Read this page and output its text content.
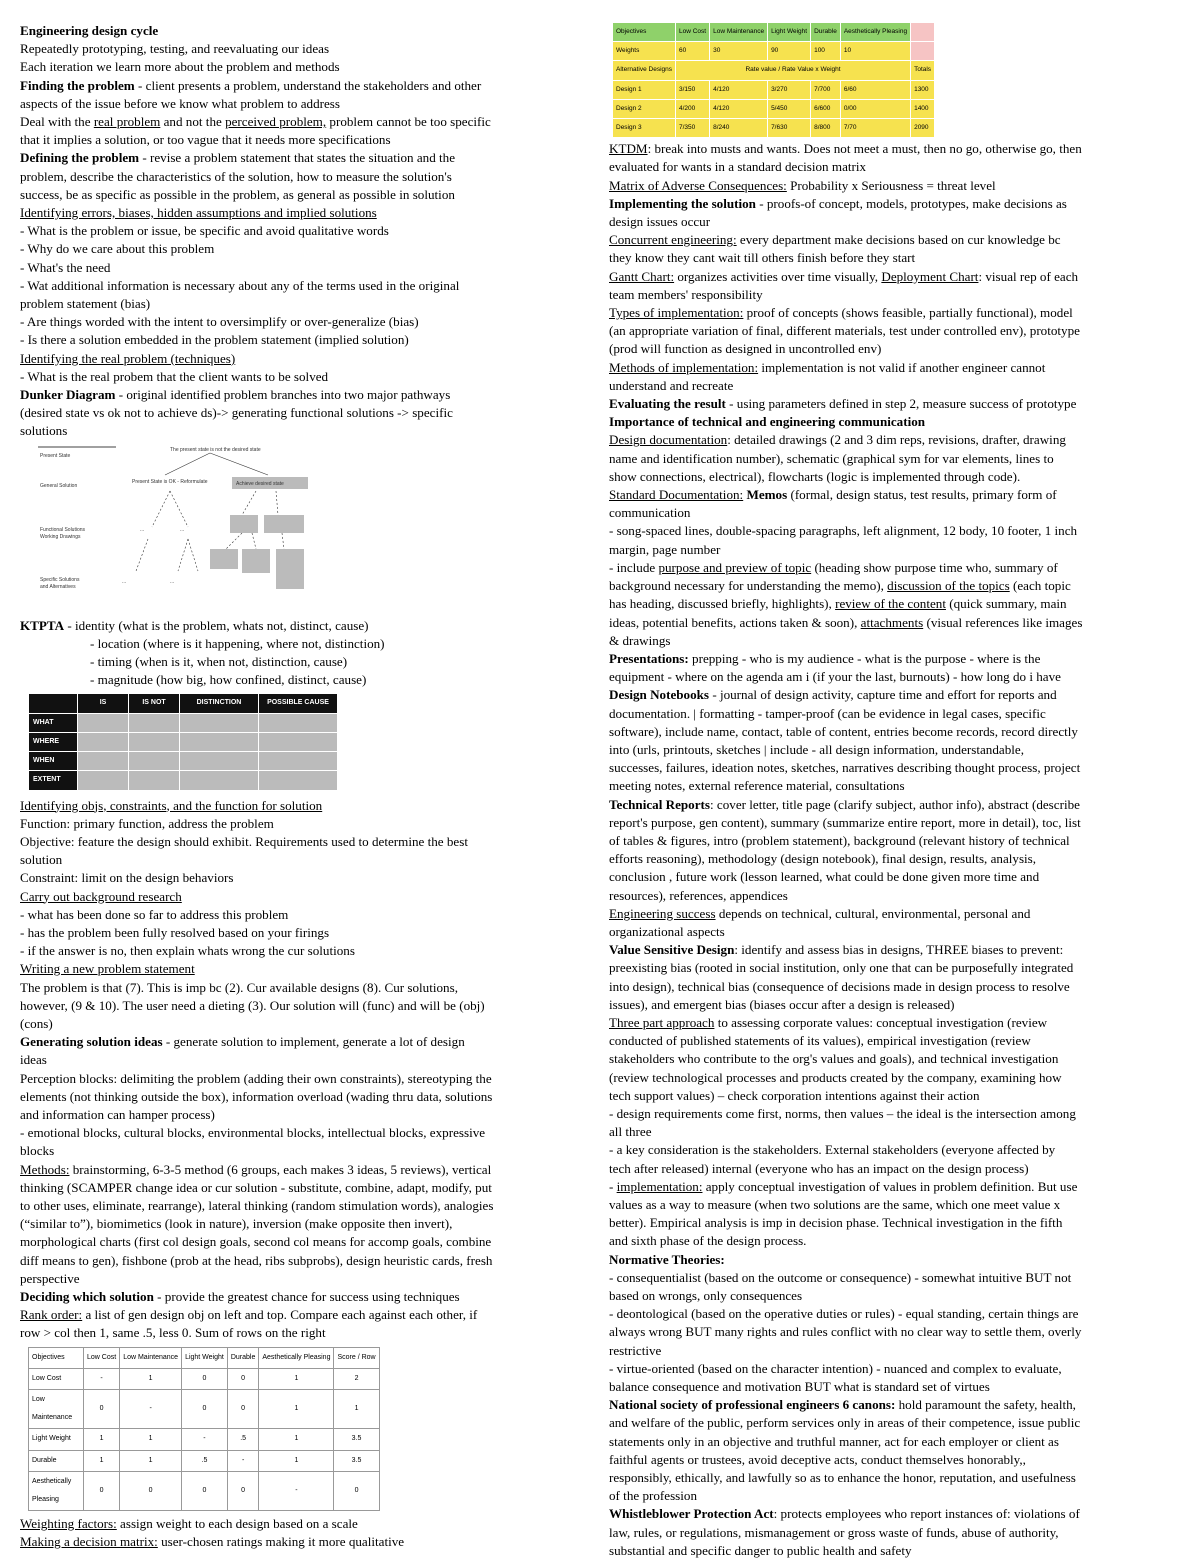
Engineering design cycle
Repeatedly prototyping, testing, and reevaluating our ideas
Each iteration we learn more about the problem and methods
Finding the problem - client presents a problem, understand the stakeholders and other
aspects of the issue before we know what problem to address
Deal with the real problem and not the perceived problem, problem cannot be too specific
that it implies a solution, or too vague that it needs more specifications
Defining the problem - revise a problem statement that states the situation and the
problem, describe the characteristics of the solution, how to measure the solution's
success, be as specific as possible in the problem, as general as possible in solution
Identifying errors, biases, hidden assumptions and implied solutions
- What is the problem or issue, be specific and avoid qualitative words
- Why do we care about this problem
- What's the need
- Wat additional information is necessary about any of the terms used in the original
problem statement (bias)
- Are things worded with the intent to oversimplify or over-generalize (bias)
- Is there a solution embedded in the problem statement (implied solution)
Identifying the real problem (techniques)
- What is the real probem that the client wants to be solved
Dunker Diagram - original identified problem branches into two major pathways
(desired state vs ok not to achieve ds)-> generating functional solutions -> specific
solutions
Present State
General Solution
Functional Solutions
Working Drawings
Specific Solutions
and Alternatives
The present state is not the desired state
Present State is OK - Reformulate	Achieve desired state
...	...
...	...
KTPTA - identity (what is the problem, whats not, distinct, cause)
- location (where is it happening, where not, distinction)
- timing (when is it, when not, distinction, cause)
- magnitude (how big, how confined, distinct, cause)
	IS	IS NOT	DISTINCTION	POSSIBLE CAUSE
WHAT				
WHERE				
WHEN				
EXTENT				
Identifying objs, constraints, and the function for solution
Function: primary function, address the problem
Objective: feature the design should exhibit. Requirements used to determine the best
solution
Constraint: limit on the design behaviors
Carry out background research
- what has been done so far to address this problem
- has the problem been fully resolved based on your firings
- if the answer is no, then explain whats wrong the cur solutions
Writing a new problem statement
The problem is that (7). This is imp bc (2). Cur available designs (8). Cur solutions,
however, (9 & 10). The user need a dieting (3). Our solution will (func) and will be (obj)
(cons)
Generating solution ideas - generate solution to implement, generate a lot of design
ideas
Perception blocks: delimiting the problem (adding their own constraints), stereotyping the
elements (not thinking outside the box), information overload (wading thru data, solutions
and information can hamper process)
- emotional blocks, cultural blocks, environmental blocks, intellectual blocks, expressive
blocks
Methods: brainstorming, 6-3-5 method (6 groups, each makes 3 ideas, 5 reviews), vertical
thinking (SCAMPER change idea or cur solution - substitute, combine, adapt, modify, put
to other uses, eliminate, rearrange), lateral thinking (random stimulation words), analogies
(“similar to”), biomimetics (look in nature), inversion (make opposite then invert),
morphological charts (first col design goals, second col means for accomp goals, combine
diff means to gen), fishbone (prob at the head, ribs subprobs), design heuristic cards, fresh
perspective
Deciding which solution - provide the greatest chance for success using techniques
Rank order: a list of gen design obj on left and top. Compare each against each other, if
row > col then 1, same .5, less 0. Sum of rows on the right
Objectives	Low Cost	Low Maintenance	Light Weight	Durable	Aesthetically Pleasing	Score / Row
Low Cost	-	1	0	0	1	2
Low Maintenance	0	-	0	0	1	1
Light Weight	1	1	-	.5	1	3.5
Durable	1	1	.5	-	1	3.5
Aesthetically Pleasing	0	0	0	0	-	0
Weighting factors: assign weight to each design based on a scale
Making a decision matrix: user-chosen ratings making it more qualitative
Objectives	Low Cost	Low Maintenance	Light Weight	Durable	Aesthetically Pleasing	
Weights	60	30	90	100	10	
Alternative Designs	Rate value / Rate Value x Weight					Totals
Design 1	3/150	4/120	3/270	7/700	6/60	1300
Design 2	4/200	4/120	5/450	6/600	0/00	1400
Design 3	7/350	8/240	7/630	8/800	7/70	2090
KTDM: break into musts and wants. Does not meet a must, then no go, otherwise go, then
evaluated for wants in a standard decision matrix
Matrix of Adverse Consequences: Probability x Seriousness = threat level
Implementing the solution - proofs-of concept, models, prototypes, make decisions as
design issues occur
Concurrent engineering: every department make decisions based on cur knowledge bc
they know they cant wait till others finish before they start
Gantt Chart: organizes activities over time visually, Deployment Chart: visual rep of each
team members' responsibility
Types of implementation: proof of concepts (shows feasible, partially functional), model
(an appropriate variation of final, different materials, test under controlled env), prototype
(prod will function as designed in uncontrolled env)
Methods of implementation: implementation is not valid if another engineer cannot
understand and recreate
Evaluating the result - using parameters defined in step 2, measure success of prototype
Importance of technical and engineering communication
Design documentation: detailed drawings (2 and 3 dim reps, revisions, drafter, drawing
name and identification number), schematic (graphical sym for var elements, lines to
show connections, electrical), flowcharts (logic is implemented through code).
Standard Documentation: Memos (formal, design status, test results, primary form of
communication
- song-spaced lines, double-spacing paragraphs, left alignment, 12 body, 10 footer, 1 inch
margin, page number
- include purpose and preview of topic (heading show purpose time who, summary of
background necessary for understanding the memo), discussion of the topics (each topic
has heading, discussed briefly, highlights), review of the content (quick summary, main
ideas, potential benefits, actions taken & soon), attachments (visual references like images
& drawings
Presentations: prepping - who is my audience - what is the purpose - where is the
equipment - where on the agenda am i (if your the last, burnouts) - how long do i have
Design Notebooks - journal of design activity, capture time and effort for reports and
documentation. | formatting - tamper-proof (can be evidence in legal cases, specific
software), include name, contact, table of content, entries become records, record directly
into (urls, printouts, sketches | include - all design information, understandable,
successes, failures, ideation notes, sketches, narratives describing thought process, project
meeting notes, external reference material, consultations
Technical Reports: cover letter, title page (clarify subject, author info), abstract (describe
report's purpose, gen content), summary (summarize entire report, more in detail), toc, list
of tables & figures, intro (problem statement), background (relevant history of technical
efforts reasoning), methodology (design notebook), final design, results, analysis,
conclusion , future work (lesson learned, what could be done given more time and
resources), references, appendices
Engineering success depends on technical, cultural, environmental, personal and
organizational aspects
Value Sensitive Design: identify and assess bias in designs, THREE biases to prevent:
preexisting bias (rooted in social institution, only one that can be purposefully integrated
into design), technical bias (consequence of decisions made in design process to resolve
issues), and emergent bias (biases occur after a design is released)
Three part approach to assessing corporate values: conceptual investigation (review
conducted of published statements of its values), empirical investigation (review
stakeholders who contribute to the org's values and goals), and technical investigation
(review technological processes and products created by the company, examining how
tech support values) – check corporation intentions against their action
- design requirements come first, norms, then values – the ideal is the intersection among
all three
- a key consideration is the stakeholders. External stakeholders (everyone affected by
tech after released) internal (everyone who has an impact on the design process)
- implementation: apply conceptual investigation of values in problem definition. But use
values as a way to measure (when two solutions are the same, which one meet value x
better). Empirical analysis is imp in decision phase. Technical investigation in the fifth
and sixth phase of the design process.
Normative Theories:
- consequentialist (based on the outcome or consequence) - somewhat intuitive BUT not
based on wrongs, only consequences
- deontological (based on the operative duties or rules) - equal standing, certain things are
always wrong BUT many rights and rules conflict with no clear way to settle them, overly
restrictive
- virtue-oriented (based on the character intention) - nuanced and complex to evaluate,
balance consequence and motivation BUT what is standard set of virtues
National society of professional engineers 6 canons: hold paramount the safety, health,
and welfare of the public, perform services only in areas of their competence, issue public
statements only in an objective and truthful manner, act for each employer or client as
faithful agents or trustees, avoid deceptive acts, conduct themselves honorably,,
responsibly, ethically, and lawfully so as to enhance the honor, reputation, and usefulness
of the profession
Whistleblower Protection Act: protects employees who report instances of: violations of
law, rules, or regulations, mismanagement or gross waste of funds, abuse of authority,
substantial and specific danger to public health and safety
